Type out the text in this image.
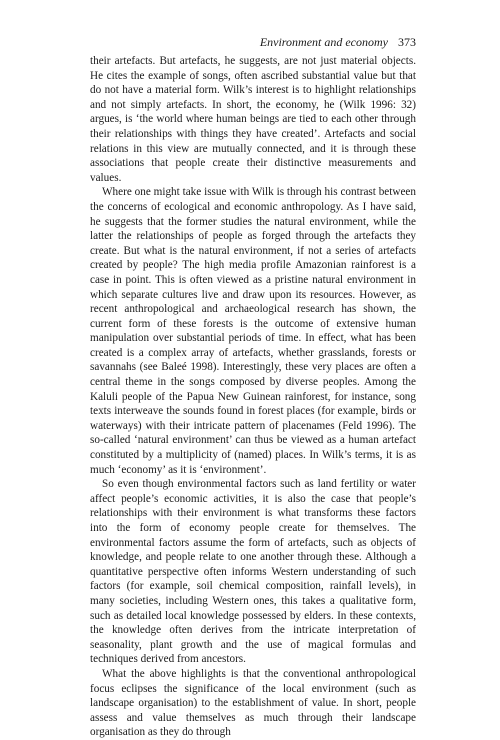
Environment and economy 373

their artefacts. But artefacts, he suggests, are not just material objects. He cites the example of songs, often ascribed substantial value but that do not have a material form. Wilk’s interest is to highlight relationships and not simply artefacts. In short, the economy, he (Wilk 1996: 32) argues, is ‘the world where human beings are tied to each other through their relationships with things they have created’. Artefacts and social relations in this view are mutually connected, and it is through these associations that people create their distinctive measurements and values.

Where one might take issue with Wilk is through his contrast between the concerns of ecological and economic anthropology. As I have said, he suggests that the former studies the natural environment, while the latter the relationships of people as forged through the artefacts they create. But what is the natural environment, if not a series of artefacts created by people? The high media profile Amazonian rainforest is a case in point. This is often viewed as a pristine natural environment in which separate cultures live and draw upon its resources. However, as recent anthropological and archaeological research has shown, the current form of these forests is the outcome of extensive human manipulation over substantial periods of time. In effect, what has been created is a complex array of artefacts, whether grasslands, forests or savannahs (see Baleé 1998). Interestingly, these very places are often a central theme in the songs composed by diverse peoples. Among the Kaluli people of the Papua New Guinean rainforest, for instance, song texts interweave the sounds found in forest places (for example, birds or waterways) with their intricate pattern of placenames (Feld 1996). The so-called ‘natural environment’ can thus be viewed as a human artefact constituted by a multiplicity of (named) places. In Wilk’s terms, it is as much ‘economy’ as it is ‘environment’.

So even though environmental factors such as land fertility or water affect people’s economic activities, it is also the case that people’s relationships with their environment is what transforms these factors into the form of economy people create for themselves. The environmental factors assume the form of artefacts, such as objects of knowledge, and people relate to one another through these. Although a quantitative perspective often informs Western understanding of such factors (for example, soil chemical composition, rainfall levels), in many societies, including Western ones, this takes a qualitative form, such as detailed local knowledge possessed by elders. In these contexts, the knowledge often derives from the intricate interpretation of seasonality, plant growth and the use of magical formulas and techniques derived from ancestors.

What the above highlights is that the conventional anthropological focus eclipses the significance of the local environment (such as landscape organisation) to the establishment of value. In short, people assess and value themselves as much through their landscape organisation as they do through
